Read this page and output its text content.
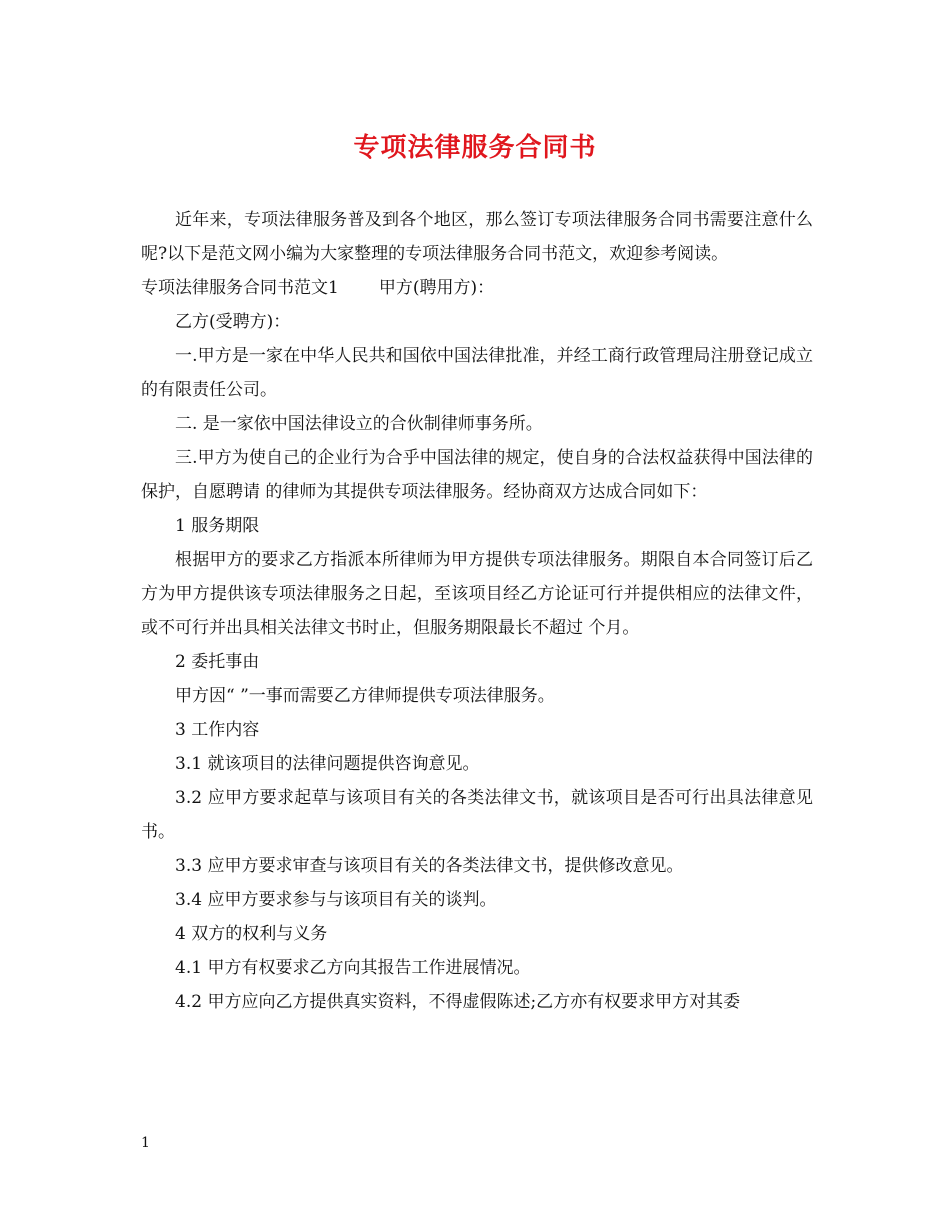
专项法律服务合同书

近年来，专项法律服务普及到各个地区，那么签订专项法律服务合同书需要注意什么呢?以下是范文网小编为大家整理的专项法律服务合同书范文，欢迎参考阅读。

专项法律服务合同书范文1 甲方(聘用方)：

乙方(受聘方)：

一.甲方是一家在中华人民共和国依中国法律批准，并经工商行政管理局注册登记成立的有限责任公司。

二. 是一家依中国法律设立的合伙制律师事务所。

三.甲方为使自己的企业行为合乎中国法律的规定，使自身的合法权益获得中国法律的保护，自愿聘请 的律师为其提供专项法律服务。经协商双方达成合同如下：

1 服务期限

根据甲方的要求乙方指派本所律师为甲方提供专项法律服务。期限自本合同签订后乙方为甲方提供该专项法律服务之日起，至该项目经乙方论证可行并提供相应的法律文件，或不可行并出具相关法律文书时止，但服务期限最长不超过 个月。

2 委托事由

甲方因“ ”一事而需要乙方律师提供专项法律服务。

3 工作内容

3.1 就该项目的法律问题提供咨询意见。

3.2 应甲方要求起草与该项目有关的各类法律文书，就该项目是否可行出具法律意见书。

3.3 应甲方要求审查与该项目有关的各类法律文书，提供修改意见。

3.4 应甲方要求参与与该项目有关的谈判。

4 双方的权利与义务

4.1 甲方有权要求乙方向其报告工作进展情况。

4.2 甲方应向乙方提供真实资料，不得虚假陈述;乙方亦有权要求甲方对其委

1
